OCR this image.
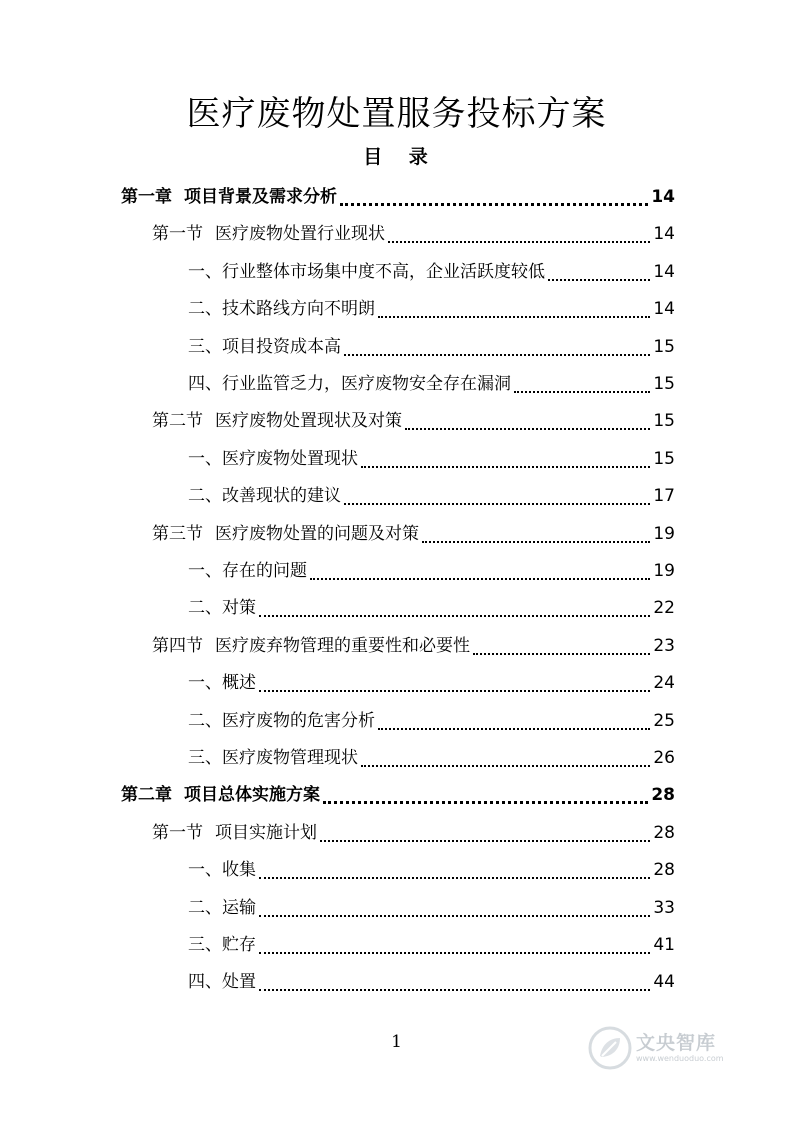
医疗废物处置服务投标方案
目 录
第一章 项目背景及需求分析	14
第一节 医疗废物处置行业现状	14
一、 行业整体市场集中度不高，企业活跃度较低	14
二、 技术路线方向不明朗	14
三、 项目投资成本高	15
四、 行业监管乏力，医疗废物安全存在漏洞	15
第二节 医疗废物处置现状及对策	15
一、 医疗废物处置现状	15
二、 改善现状的建议	17
第三节 医疗废物处置的问题及对策	19
一、 存在的问题	19
二、 对策	22
第四节 医疗废弃物管理的重要性和必要性	23
一、 概述	24
二、 医疗废物的危害分析	25
三、 医疗废物管理现状	26
第二章 项目总体实施方案	28
第一节 项目实施计划	28
一、 收集	28
二、 运输	33
三、 贮存	41
四、 处置	44
1	文央智库
www.wenduoduo.com
